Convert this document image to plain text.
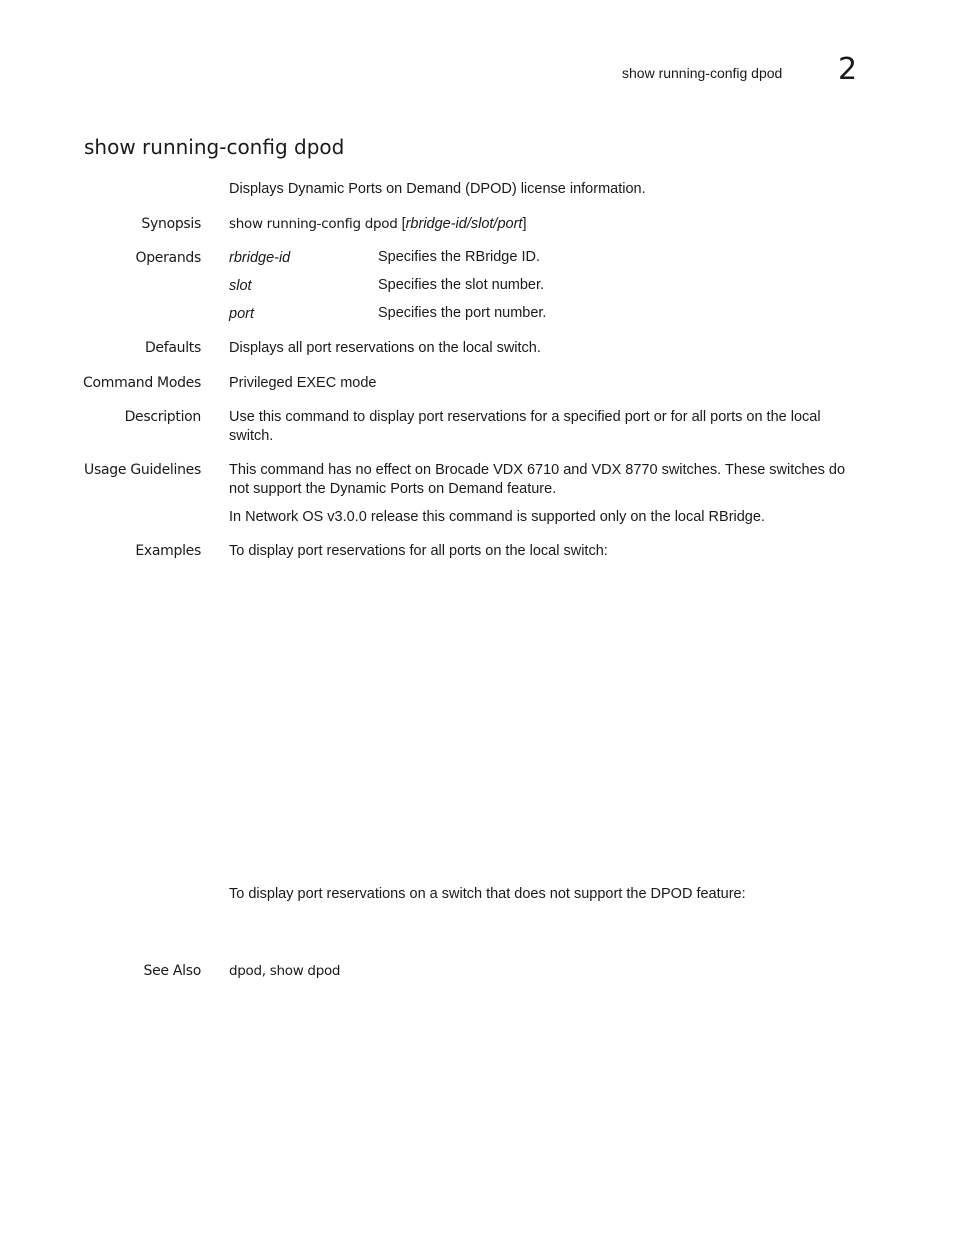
show running-config dpod 2
show running-config dpod
Displays Dynamic Ports on Demand (DPOD) license information.
Synopsis show running-config dpod [rbridge-id/slot/port]
Operands rbridge-id	Specifies the RBridge ID.
slot	Specifies the slot number.
port	Specifies the port number.
Defaults Displays all port reservations on the local switch.
Command Modes Privileged EXEC mode
Description Use this command to display port reservations for a specified port or for all ports on the local switch.
Usage Guidelines This command has no effect on Brocade VDX 6710 and VDX 8770 switches. These switches do not support the Dynamic Ports on Demand feature.
In Network OS v3.0.0 release this command is supported only on the local RBridge.
Examples To display port reservations for all ports on the local switch:
To display port reservations on a switch that does not support the DPOD feature:
See Also dpod, show dpod
